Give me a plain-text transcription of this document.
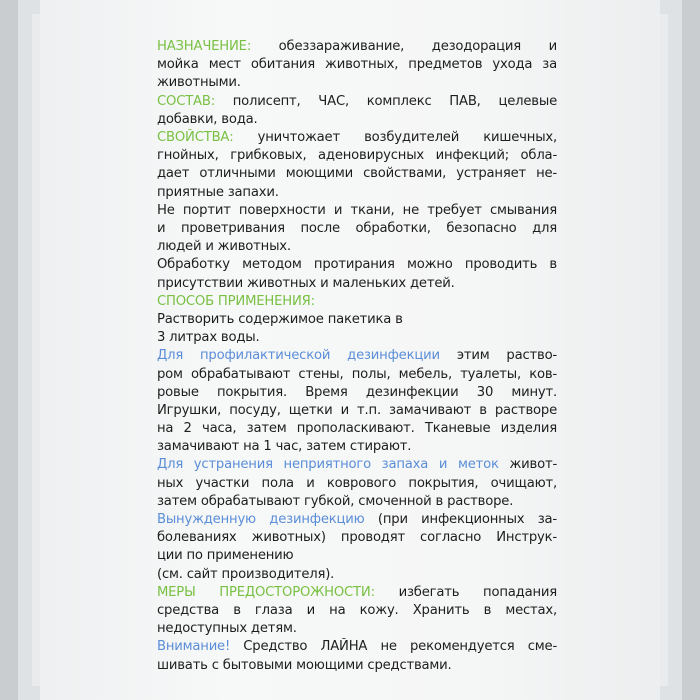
НАЗНАЧЕНИЕ: обеззараживание, дезодорация и
мойка мест обитания животных, предметов ухода за
животными.
СОСТАВ: полисепт, ЧАС, комплекс ПАВ, целевые
добавки, вода.
СВОЙСТВА: уничтожает возбудителей кишечных,
гнойных, грибковых, аденовирусных инфекций; обла-
дает отличными моющими свойствами, устраняет не-
приятные запахи.
Не портит поверхности и ткани, не требует смывания
и проветривания после обработки, безопасно для
людей и животных.
Обработку методом протирания можно проводить в
присутствии животных и маленьких детей.
СПОСОБ ПРИМЕНЕНИЯ:
Растворить содержимое пакетика в
3 литрах воды.
Для профилактической дезинфекции этим раство-
ром обрабатывают стены, полы, мебель, туалеты, ков-
ровые покрытия. Время дезинфекции 30 минут.
Игрушки, посуду, щетки и т.п. замачивают в растворе
на 2 часа, затем прополаскивают. Тканевые изделия
замачивают на 1 час, затем стирают.
Для устранения неприятного запаха и меток живот-
ных участки пола и коврового покрытия, очищают,
затем обрабатывают губкой, смоченной в растворе.
Вынужденную дезинфекцию (при инфекционных за-
болеваниях животных) проводят согласно Инструк-
ции по применению
(см. сайт производителя).
МЕРЫ ПРЕДОСТОРОЖНОСТИ: избегать попадания
средства в глаза и на кожу. Хранить в местах,
недоступных детям.
Внимание! Средство ЛАЙНА не рекомендуется сме-
шивать с бытовыми моющими средствами.
